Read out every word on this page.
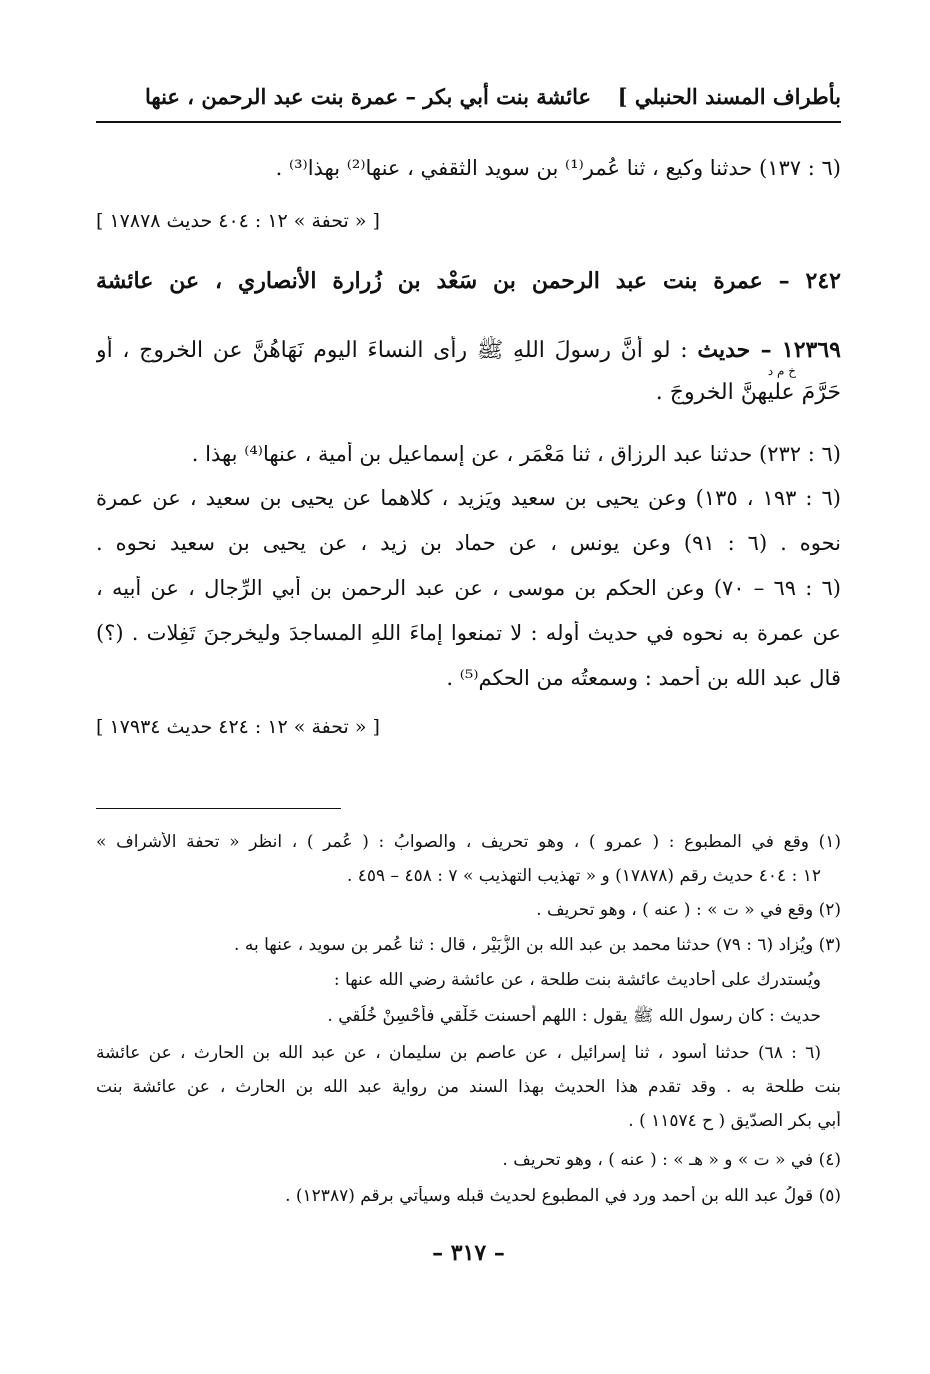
بأطراف المسند الحنبلي ]
عائشة بنت أبي بكر – عمرة بنت عبد الرحمن ، عنها
(٦ : ١٣٧) حدثنا وكيع ، ثنا عُمر⁽¹⁾ بن سويد الثقفي ، عنها⁽²⁾ بهذا⁽³⁾ .
[ « تحفة » ١٢ : ٤٠٤ حديث ١٧٨٧٨ ]
٢٤٢ – عمرة بنت عبد الرحمن بن سَعْد بن زُرارة الأنصاري ، عن عائشة
١٢٣٦٩ – حديث : لو أنَّ رسولَ اللهِ ﷺ رأى النساءَ اليوم نَهَاهُنَّ عن الخروج ، أو
خ م د
حَرَّمَ عليهنَّ الخروجَ .
(٦ : ٢٣٢) حدثنا عبد الرزاق ، ثنا مَعْمَر ، عن إسماعيل بن أمية ، عنها⁽⁴⁾ بهذا .
(٦ : ١٩٣ ، ١٣٥) وعن يحيى بن سعيد ويَزيد ، كلاهما عن يحيى بن سعيد ، عن عمرة
نحوه . (٦ : ٩١) وعن يونس ، عن حماد بن زيد ، عن يحيى بن سعيد نحوه .
(٦ : ٦٩ – ٧٠) وعن الحكم بن موسى ، عن عبد الرحمن بن أبي الرِّجال ، عن أبيه ،
عن عمرة به نحوه في حديث أوله : لا تمنعوا إماءَ اللهِ المساجدَ وليخرجنَ تَفِلات . (؟)
قال عبد الله بن أحمد : وسمعتُه من الحكم⁽⁵⁾ .
[ « تحفة » ١٢ : ٤٢٤ حديث ١٧٩٣٤ ]
(١) وقع في المطبوع : ( عمرو ) ، وهو تحريف ، والصوابُ : ( عُمر ) ، انظر « تحفة الأشراف »
١٢ : ٤٠٤ حديث رقم (١٧٨٧٨) و « تهذيب التهذيب » ٧ : ٤٥٨ – ٤٥٩ .
(٢) وقع في « ت » : ( عنه ) ، وهو تحريف .
(٣) ويُزاد (٦ : ٧٩) حدثنا محمد بن عبد الله بن الزُّبَيْر ، قال : ثنا عُمر بن سويد ، عنها به .
ويُستدرك على أحاديث عائشة بنت طلحة ، عن عائشة رضي الله عنها :
حديث : كان رسول الله ﷺ يقول : اللهم أحسنت خَلْقي فأَحْسِنْ خُلُقي .
(٦ : ٦٨) حدثنا أسود ، ثنا إسرائيل ، عن عاصم بن سليمان ، عن عبد الله بن الحارث ، عن عائشة
بنت طلحة به . وقد تقدم هذا الحديث بهذا السند من رواية عبد الله بن الحارث ، عن عائشة بنت
أبي بكر الصدّيق ( ح ١١٥٧٤ ) .
(٤) في « ت » و « هـ » : ( عنه ) ، وهو تحريف .
(٥) قولُ عبد الله بن أحمد ورد في المطبوع لحديث قبله وسيأتي برقم (١٢٣٨٧) .
– ٣١٧ –
